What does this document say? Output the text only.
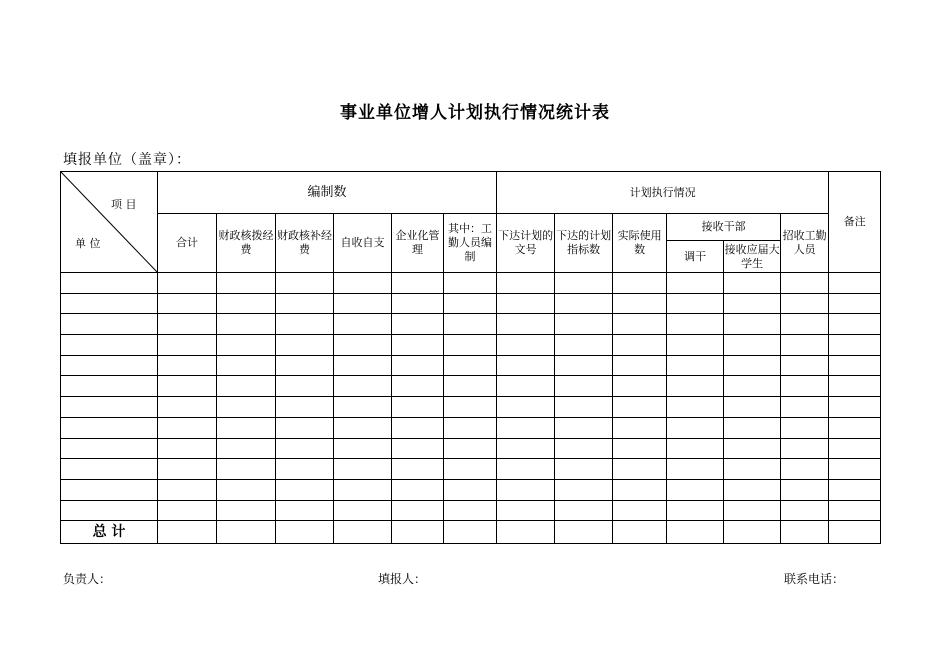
事业单位增人计划执行情况统计表
填报单位（盖章）：
项 目
单 位	编制数						计划执行情况						备注
	合计	财政核拨经费	财政核补经费	自收自支	企业化管理	其中：工勤人员编制	下达计划的文号	下达的计划指标数	实际使用数	接收干部		招收工勤人员	
										调干	接收应届大学生		

总 计													
负责人：	填报人：	联系电话：
